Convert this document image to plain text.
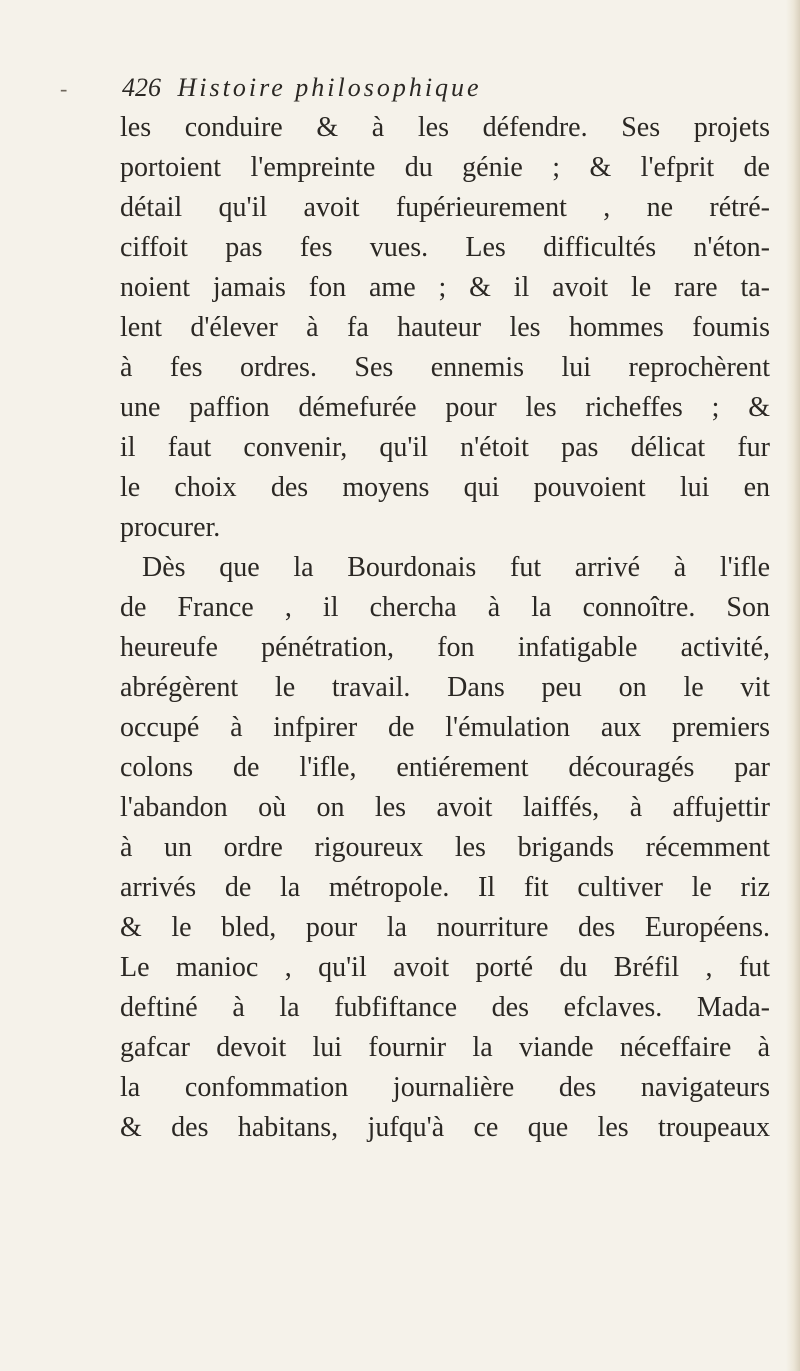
- 426 Histoire philosophique
les conduire & à les défendre. Ses projets
portoient l'empreinte du génie ; & l'efprit de
détail qu'il avoit fupérieurement , ne rétré-
ciffoit pas fes vues. Les difficultés n'éton-
noient jamais fon ame ; & il avoit le rare ta-
lent d'élever à fa hauteur les hommes foumis
à fes ordres. Ses ennemis lui reprochèrent
une paffion démefurée pour les richeffes ; &
il faut convenir, qu'il n'étoit pas délicat fur
le choix des moyens qui pouvoient lui en
procurer.
Dès que la Bourdonais fut arrivé à l'ifle
de France , il chercha à la connoître. Son
heureufe pénétration, fon infatigable activité,
abrégèrent le travail. Dans peu on le vit
occupé à infpirer de l'émulation aux premiers
colons de l'ifle, entiérement découragés par
l'abandon où on les avoit laiffés, à affujettir
à un ordre rigoureux les brigands récemment
arrivés de la métropole. Il fit cultiver le riz
& le bled, pour la nourriture des Européens.
Le manioc , qu'il avoit porté du Bréfil , fut
deftiné à la fubfiftance des efclaves. Mada-
gafcar devoit lui fournir la viande néceffaire à
la confommation journalière des navigateurs
& des habitans, jufqu'à ce que les troupeaux
